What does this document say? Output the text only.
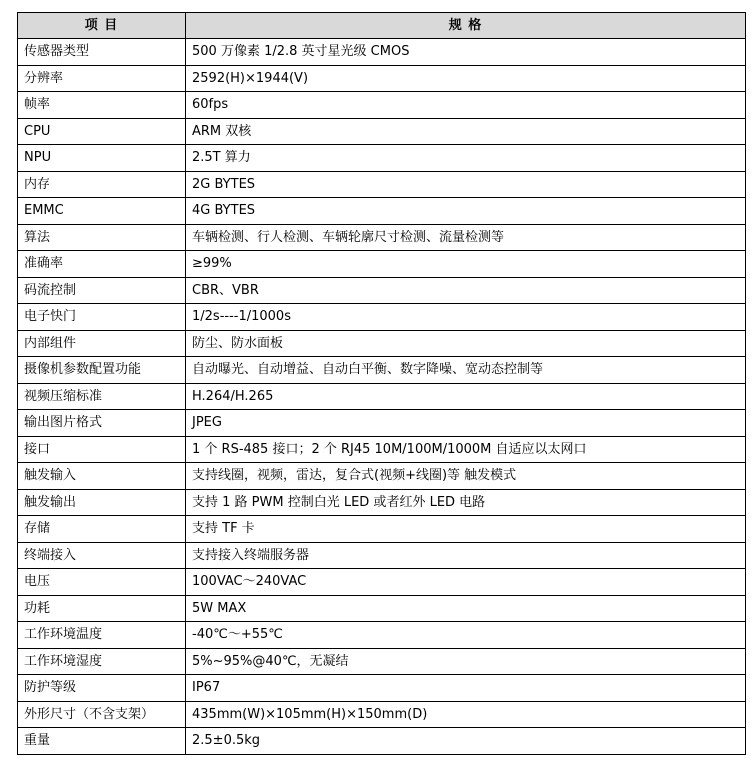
项 目	规 格
传感器类型	500 万像素 1/2.8 英寸星光级 CMOS
分辨率	2592(H)×1944(V)
帧率	60fps
CPU	ARM 双核
NPU	2.5T 算力
内存	2G BYTES
EMMC	4G BYTES
算法	车辆检测、行人检测、车辆轮廓尺寸检测、流量检测等
准确率	≥99%
码流控制	CBR、VBR
电子快门	1/2s----1/1000s
内部组件	防尘、防水面板
摄像机参数配置功能	自动曝光、自动增益、自动白平衡、数字降噪、宽动态控制等
视频压缩标准	H.264/H.265
输出图片格式	JPEG
接口	1 个 RS-485 接口；2 个 RJ45 10M/100M/1000M 自适应以太网口
触发输入	支持线圈，视频，雷达，复合式(视频+线圈)等 触发模式
触发输出	支持 1 路 PWM 控制白光 LED 或者红外 LED 电路
存储	支持 TF 卡
终端接入	支持接入终端服务器
电压	100VAC～240VAC
功耗	5W MAX
工作环境温度	-40℃～+55℃
工作环境湿度	5%~95%@40℃，无凝结
防护等级	IP67
外形尺寸（不含支架）	435mm(W)×105mm(H)×150mm(D)
重量	2.5±0.5kg
